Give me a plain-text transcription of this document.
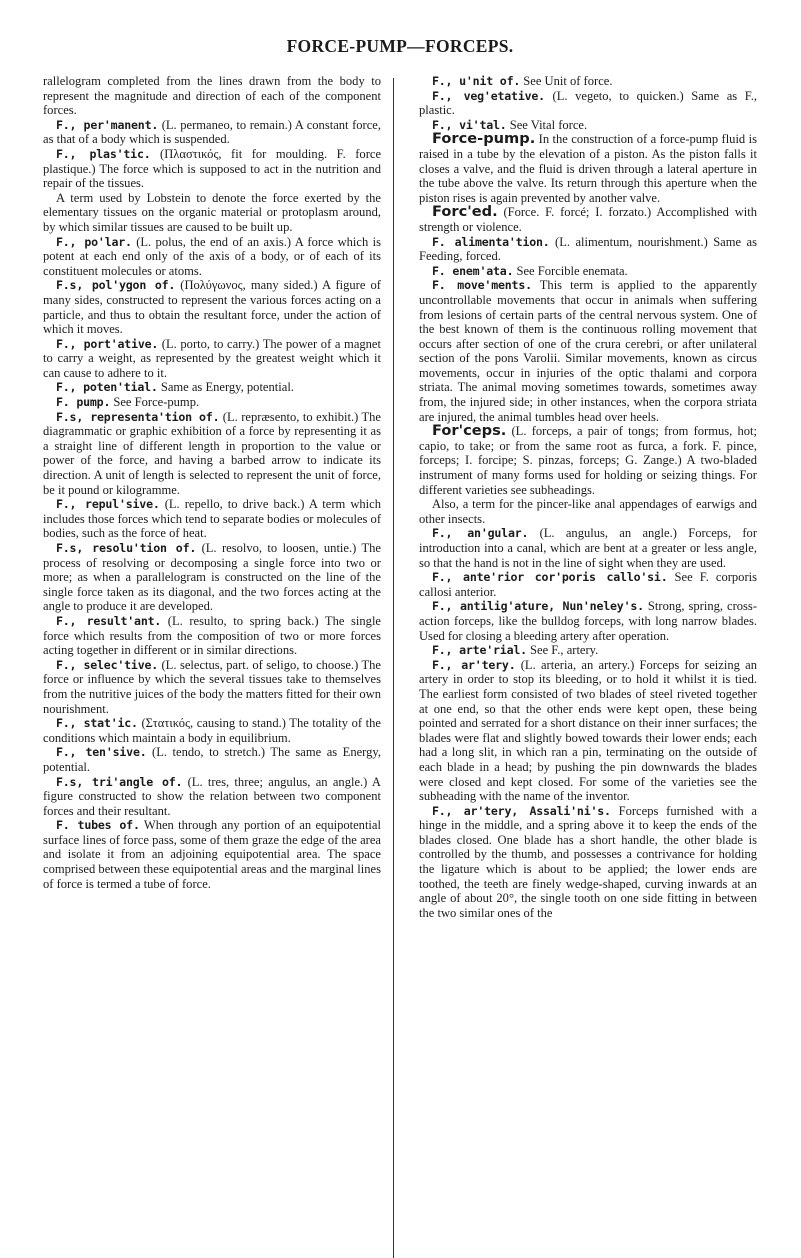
FORCE-PUMP—FORCEPS.

rallelogram completed from the lines drawn from the body to represent the magnitude and direction of each of the component forces.

F., per'manent. (L. permaneo, to remain.) A constant force, as that of a body which is suspended.

F., plas'tic. (Πλαστικός, fit for moulding. F. force plastique.) The force which is supposed to act in the nutrition and repair of the tissues.

A term used by Lobstein to denote the force exerted by the elementary tissues on the organic material or protoplasm around, by which similar tissues are caused to be built up.

F., po'lar. (L. polus, the end of an axis.) A force which is potent at each end only of the axis of a body, or of each of its constituent molecules or atoms.

F.s, pol'ygon of. (Πολύγωνος, many sided.) A figure of many sides, constructed to represent the various forces acting on a particle, and thus to obtain the resultant force, under the action of which it moves.

F., port'ative. (L. porto, to carry.) The power of a magnet to carry a weight, as represented by the greatest weight which it can cause to adhere to it.

F., poten'tial. Same as Energy, potential.

F. pump. See Force-pump.

F.s, representa'tion of. (L. repræsento, to exhibit.) The diagrammatic or graphic exhibition of a force by representing it as a straight line of different length in proportion to the value or power of the force, and having a barbed arrow to indicate its direction. A unit of length is selected to represent the unit of force, be it pound or kilogramme.

F., repul'sive. (L. repello, to drive back.) A term which includes those forces which tend to separate bodies or molecules of bodies, such as the force of heat.

F.s, resolu'tion of. (L. resolvo, to loosen, untie.) The process of resolving or decomposing a single force into two or more; as when a parallelogram is constructed on the line of the single force taken as its diagonal, and the two forces acting at the angle to produce it are developed.

F., result'ant. (L. resulto, to spring back.) The single force which results from the composition of two or more forces acting together in different or in similar directions.

F., selec'tive. (L. selectus, part. of seligo, to choose.) The force or influence by which the several tissues take to themselves from the nutritive juices of the body the matters fitted for their own nourishment.

F., stat'ic. (Στατικός, causing to stand.) The totality of the conditions which maintain a body in equilibrium.

F., ten'sive. (L. tendo, to stretch.) The same as Energy, potential.

F.s, tri'angle of. (L. tres, three; angulus, an angle.) A figure constructed to show the relation between two component forces and their resultant.

F. tubes of. When through any portion of an equipotential surface lines of force pass, some of them graze the edge of the area and isolate it from an adjoining equipotential area. The space comprised between these equipotential areas and the marginal lines of force is termed a tube of force.

F., u'nit of. See Unit of force.

F., veg'etative. (L. vegeto, to quicken.) Same as F., plastic.

F., vi'tal. See Vital force.

Force-pump. In the construction of a force-pump fluid is raised in a tube by the elevation of a piston. As the piston falls it closes a valve, and the fluid is driven through a lateral aperture in the tube above the valve. Its return through this aperture when the piston rises is again prevented by another valve.

Forc'ed. (Force. F. forcé; I. forzato.) Accomplished with strength or violence.

F. alimenta'tion. (L. alimentum, nourishment.) Same as Feeding, forced.

F. enem'ata. See Forcible enemata.

F. move'ments. This term is applied to the apparently uncontrollable movements that occur in animals when suffering from lesions of certain parts of the central nervous system. One of the best known of them is the continuous rolling movement that occurs after section of one of the crura cerebri, or after unilateral section of the pons Varolii. Similar movements, known as circus movements, occur in injuries of the optic thalami and corpora striata. The animal moving sometimes towards, sometimes away from, the injured side; in other instances, when the corpora striata are injured, the animal tumbles head over heels.

For'ceps. (L. forceps, a pair of tongs; from formus, hot; capio, to take; or from the same root as furca, a fork. F. pince, forceps; I. forcipe; S. pinzas, forceps; G. Zange.) A two-bladed instrument of many forms used for holding or seizing things. For different varieties see subheadings.

Also, a term for the pincer-like anal appendages of earwigs and other insects.

F., an'gular. (L. angulus, an angle.) Forceps, for introduction into a canal, which are bent at a greater or less angle, so that the hand is not in the line of sight when they are used.

F., ante'rior cor'poris callo'si. See F. corporis callosi anterior.

F., antilig'ature, Nun'neley's. Strong, spring, cross-action forceps, like the bulldog forceps, with long narrow blades. Used for closing a bleeding artery after operation.

F., arte'rial. See F., artery.

F., ar'tery. (L. arteria, an artery.) Forceps for seizing an artery in order to stop its bleeding, or to hold it whilst it is tied. The earliest form consisted of two blades of steel riveted together at one end, so that the other ends were kept open, these being pointed and serrated for a short distance on their inner surfaces; the blades were flat and slightly bowed towards their lower ends; each had a long slit, in which ran a pin, terminating on the outside of each blade in a head; by pushing the pin downwards the blades were closed and kept closed. For some of the varieties see the subheading with the name of the inventor.

F., ar'tery, Assali'ni's. Forceps furnished with a hinge in the middle, and a spring above it to keep the ends of the blades closed. One blade has a short handle, the other blade is controlled by the thumb, and possesses a contrivance for holding the ligature which is about to be applied; the lower ends are toothed, the teeth are finely wedge-shaped, curving inwards at an angle of about 20°, the single tooth on one side fitting in between the two similar ones of the
